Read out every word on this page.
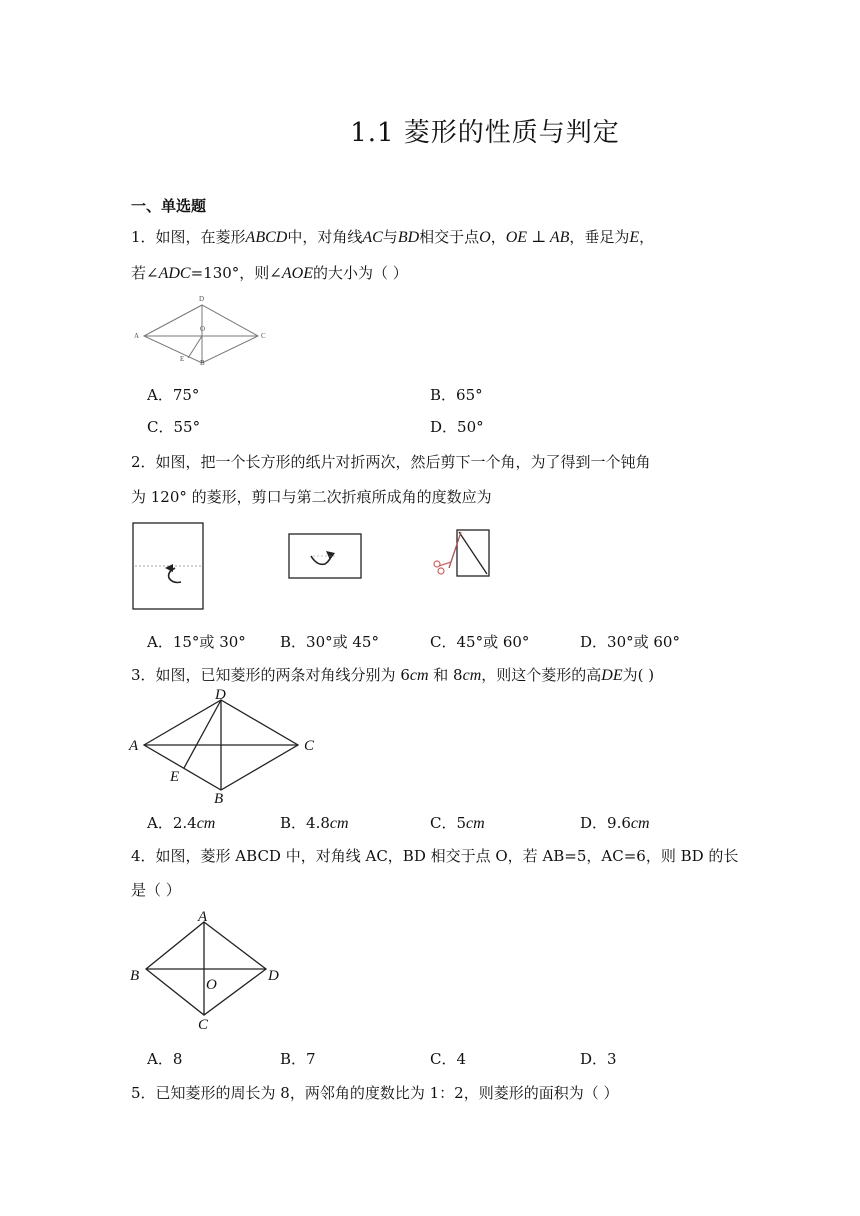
1.1 菱形的性质与判定
一、单选题
1．如图，在菱形ABCD中，对角线AC与BD相交于点O，OE ⊥ AB，垂足为E，
若∠ADC=130°，则∠AOE的大小为（ ）
A
D
C
O
E B
A．75°	B．65°
C．55°	D．50°
2．如图，把一个长方形的纸片对折两次，然后剪下一个角，为了得到一个钝角
为 120° 的菱形，剪口与第二次折痕所成角的度数应为
A．15°或 30° B．30°或 45°	C．45°或 60°	D．30°或 60°
3．如图，已知菱形的两条对角线分别为 6cm 和 8cm，则这个菱形的高DE为( )
A
D
C
E
B
A．2.4cm	B．4.8cm	C．5cm	D．9.6cm
4．如图，菱形 ABCD 中，对角线 AC，BD 相交于点 O，若 AB=5，AC=6，则 BD 的长
是（ ）
A
B	D
O
C
A．8	B．7	C．4	D．3
5．已知菱形的周长为 8，两邻角的度数比为 1：2，则菱形的面积为（ ）
